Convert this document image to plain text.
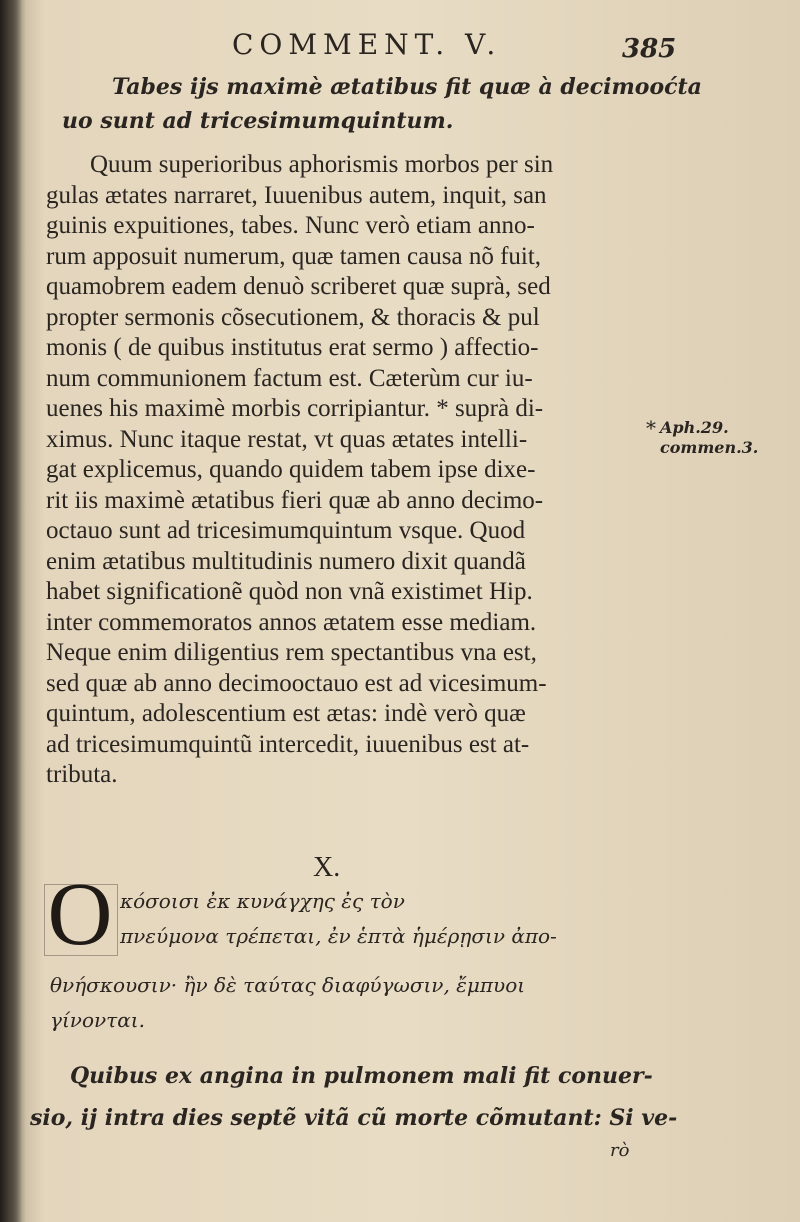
COMMENT. V.	385
Tabes ijs maximè ætatibus fit quæ à decimooćta
uo sunt ad tricesimumquintum.
Quum superioribus aphorismis morbos per sin
gulas ætates narraret, Iuuenibus autem, inquit, san
guinis expuitiones, tabes. Nunc verò etiam anno-
rum apposuit numerum, quæ tamen causa nõ fuit,
quamobrem eadem denuò scriberet quæ suprà, sed
propter sermonis cõsecutionem, & thoracis & pul
monis ( de quibus institutus erat sermo ) affectio-
num communionem factum est. Cæterùm cur iu-
uenes his maximè morbis corripiantur. * suprà di-
ximus. Nunc itaque restat, vt quas ætates intelli-
gat explicemus, quando quidem tabem ipse dixe-
rit iis maximè ætatibus fieri quæ ab anno decimo-
octauo sunt ad tricesimumquintum vsque. Quod
enim ætatibus multitudinis numero dixit quandã
habet significationẽ quòd non vnã existimet Hip.
inter commemoratos annos ætatem esse mediam.
Neque enim diligentius rem spectantibus vna est,
sed quæ ab anno decimooctauo est ad vicesimum-
quintum, adolescentium est ætas: indè verò quæ
ad tricesimumquintũ intercedit, iuuenibus est at-
tributa.
* Aph.29.
commen.3.
X.
O κόσοισι ἐκ κυνάγχης ἐς τὸν
πνεύμονα τρέπεται, ἐν ἑπτὰ ἡμέρῃσιν ἀπο-
θνήσκουσιν· ἢν δὲ ταύτας διαφύγωσιν, ἔμπυοι
γίνονται.
Quibus ex angina in pulmonem mali fit conuer-
sio, ij intra dies septẽ vitã cũ morte cõmutant: Si ve-
rò
